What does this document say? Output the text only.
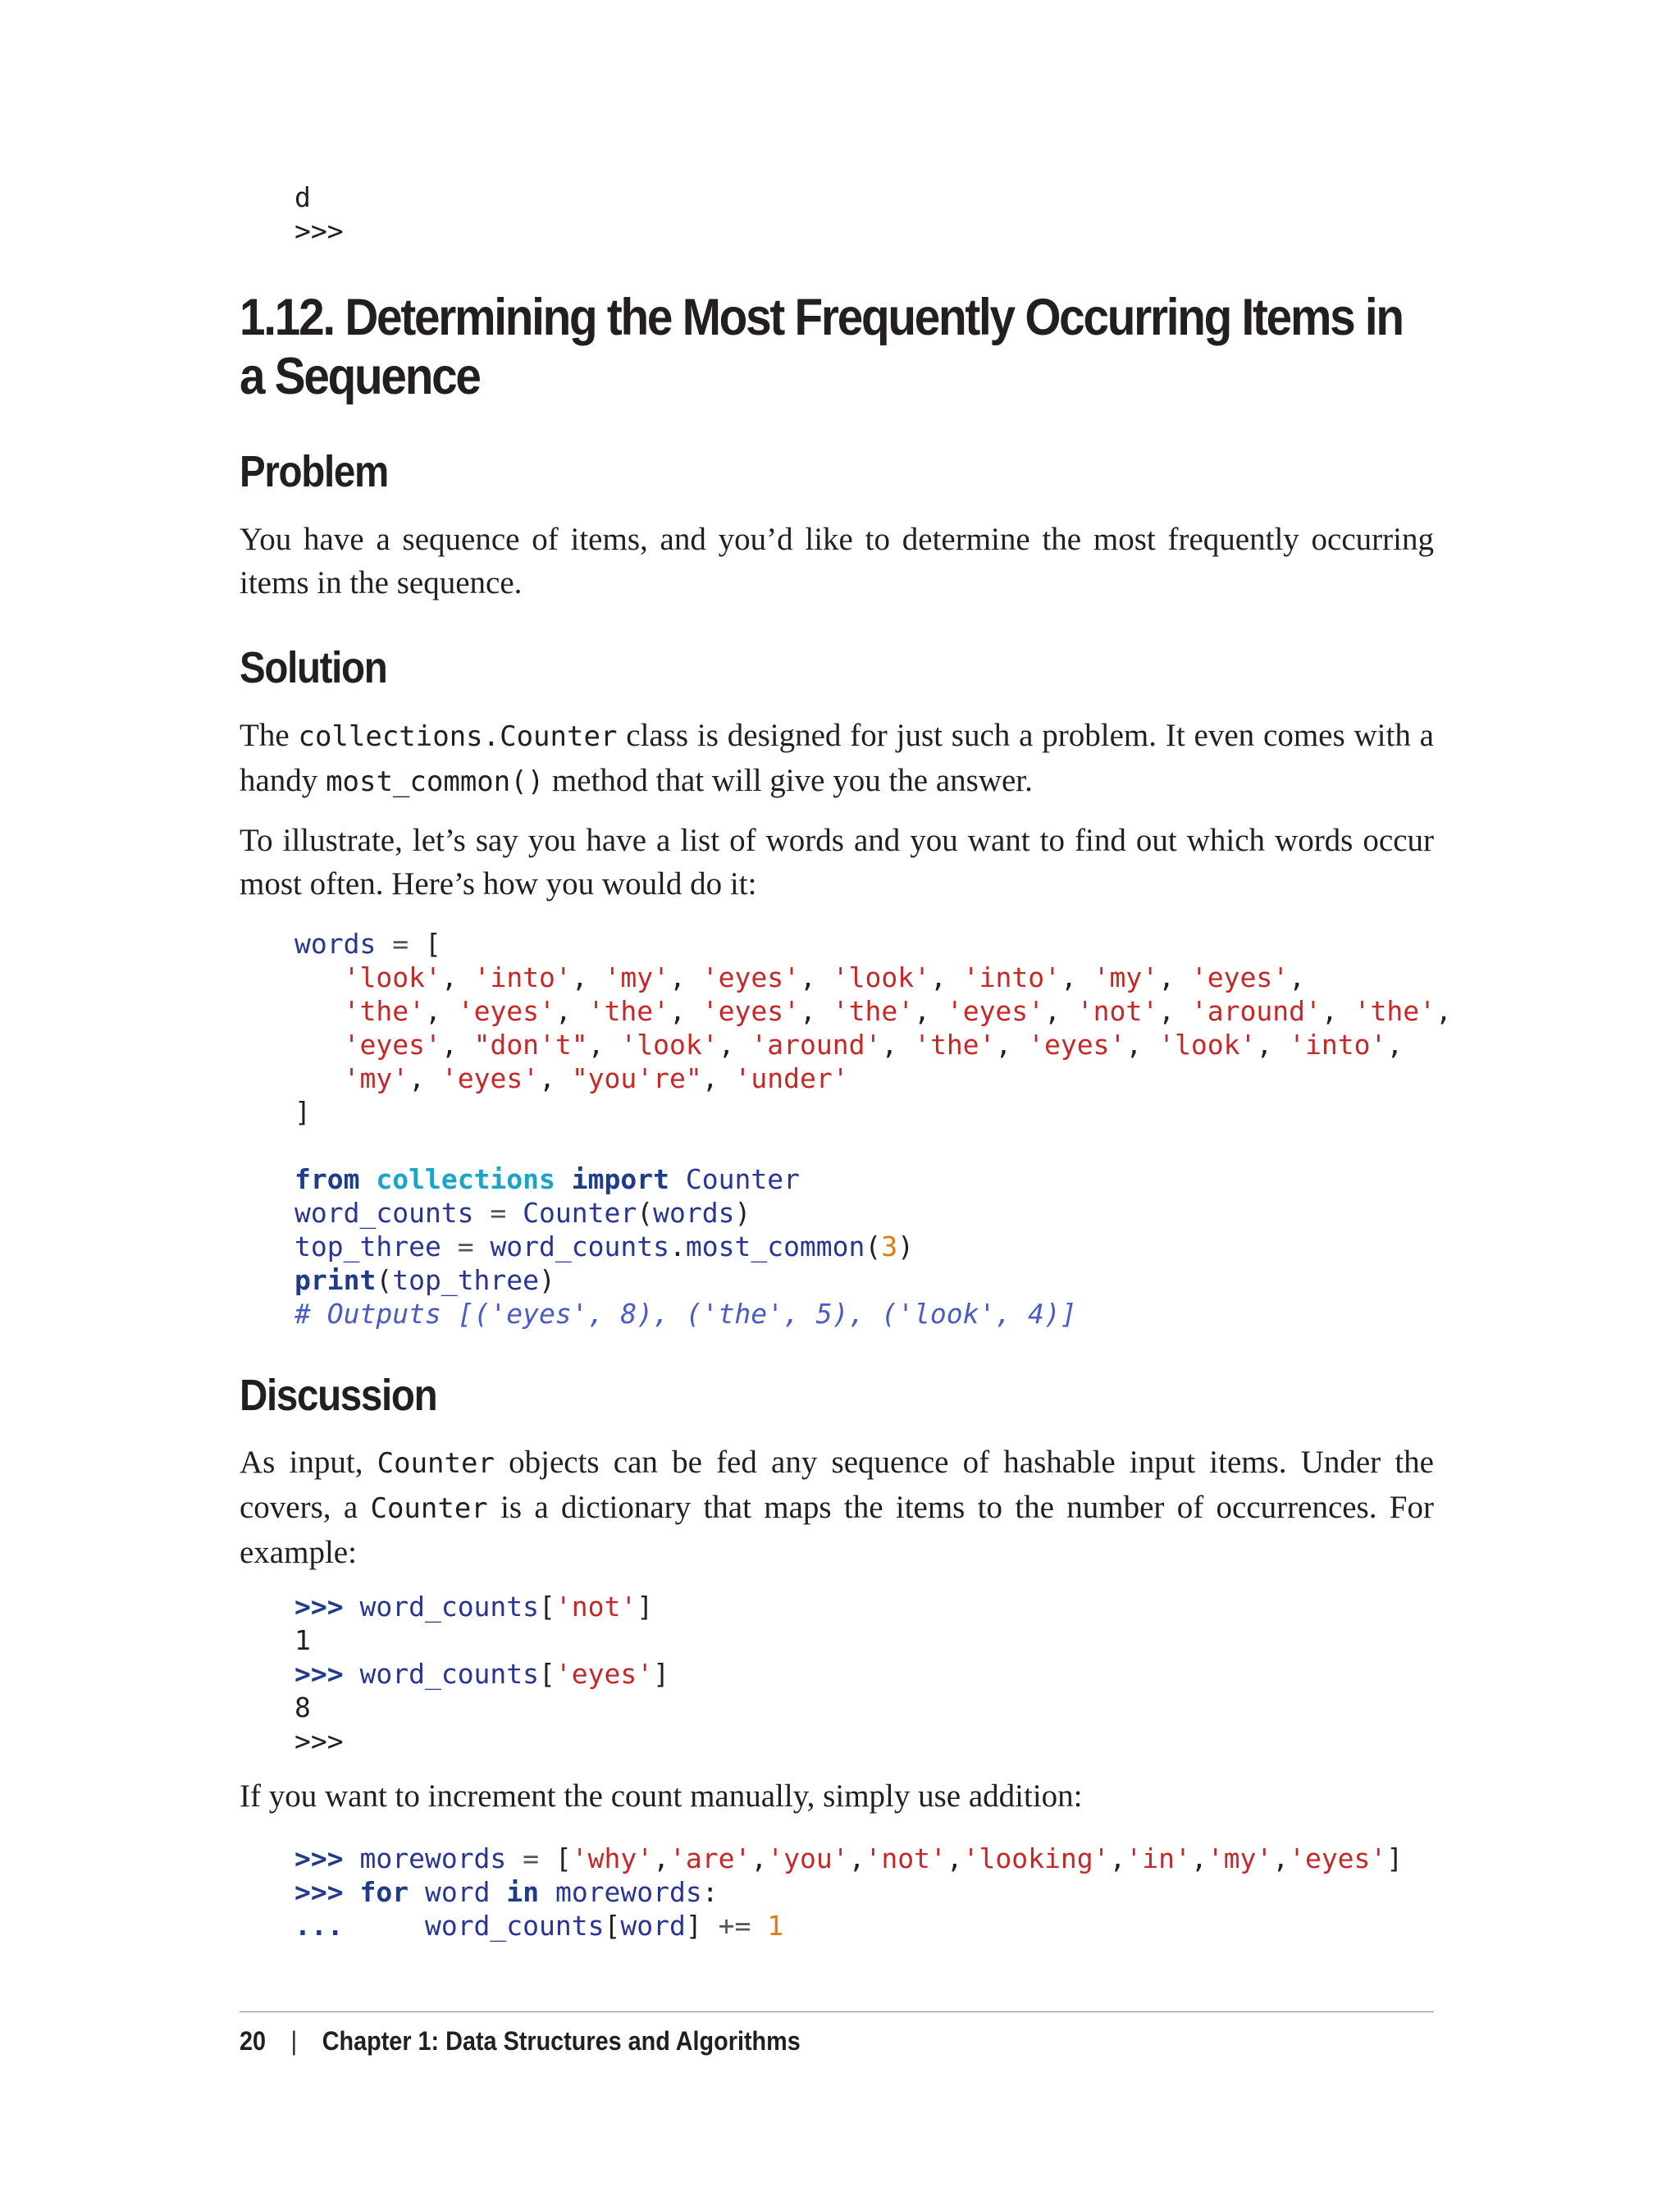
d
>>>
1.12. Determining the Most Frequently Occurring Items in a Sequence
Problem

You have a sequence of items, and you’d like to determine the most frequently occurring items in the sequence.

Solution

The collections.Counter class is designed for just such a problem. It even comes with a handy most_common() method that will give you the answer.

To illustrate, let’s say you have a list of words and you want to find out which words occur most often. Here’s how you would do it:

words = [
'look', 'into', 'my', 'eyes', 'look', 'into', 'my', 'eyes',
'the', 'eyes', 'the', 'eyes', 'the', 'eyes', 'not', 'around', 'the',
'eyes', "don't", 'look', 'around', 'the', 'eyes', 'look', 'into',
'my', 'eyes', "you're", 'under'
]

from collections import Counter
word_counts = Counter(words)
top_three = word_counts.most_common(3)
print(top_three)
# Outputs [('eyes', 8), ('the', 5), ('look', 4)]
Discussion

As input, Counter objects can be fed any sequence of hashable input items. Under the covers, a Counter is a dictionary that maps the items to the number of occurrences. For example:

>>> word_counts['not']
1
>>> word_counts['eyes']
8
>>>

If you want to increment the count manually, simply use addition:

>>> morewords = ['why','are','you','not','looking','in','my','eyes']
>>> for word in morewords:
...	word_counts[word] += 1
20 | Chapter 1: Data Structures and Algorithms
